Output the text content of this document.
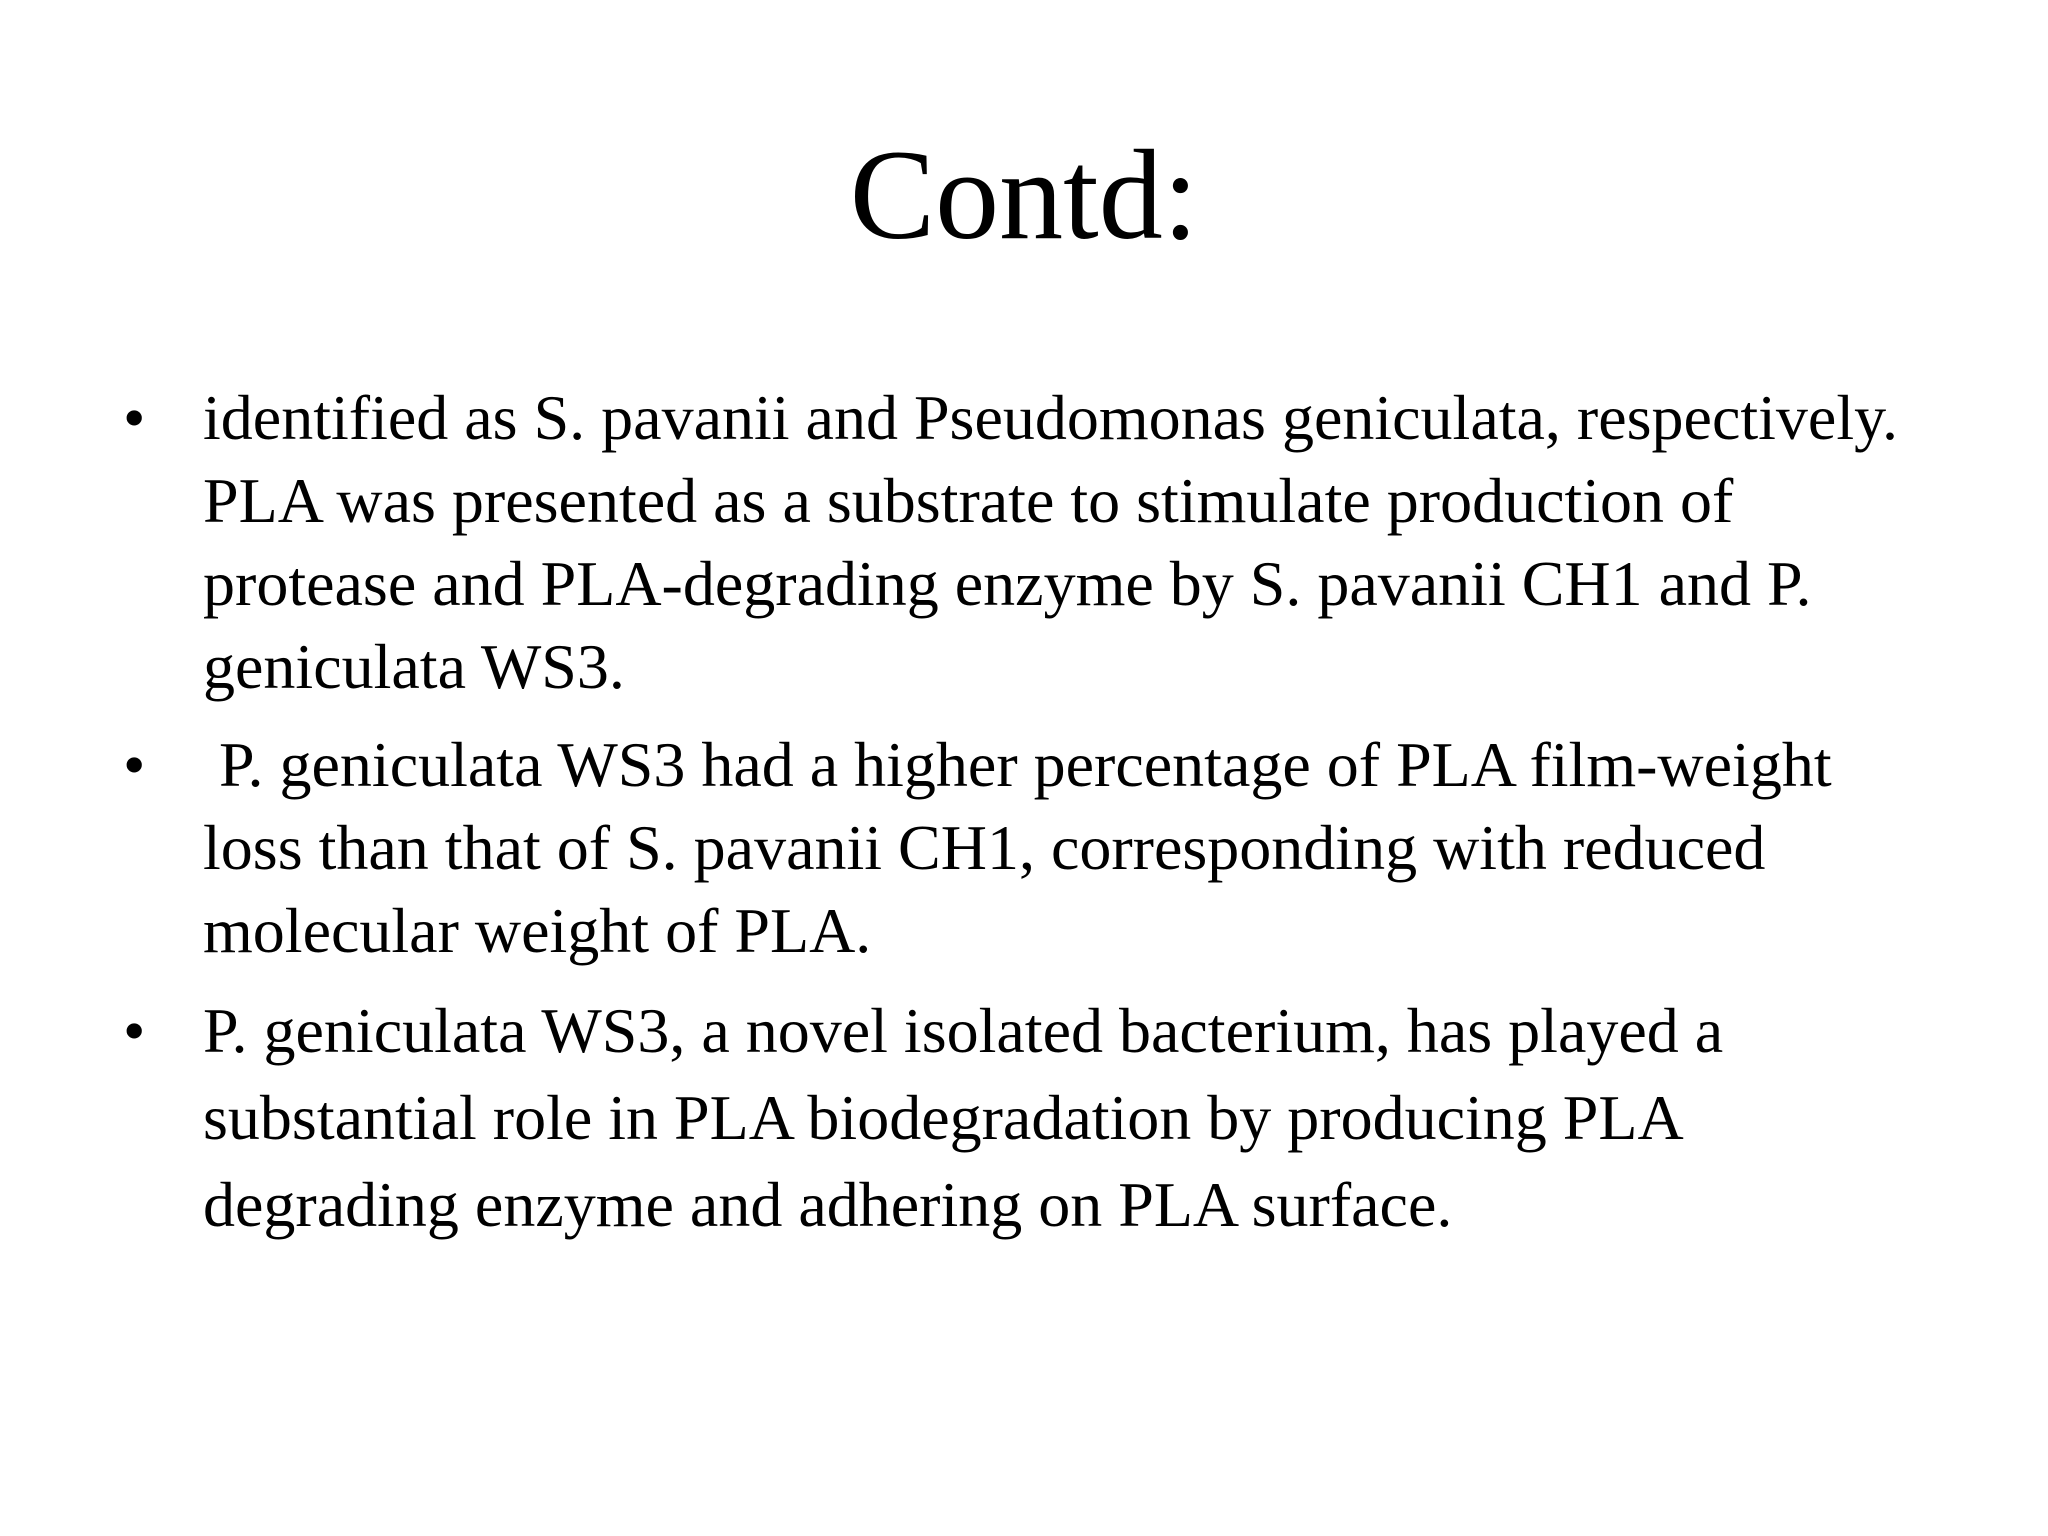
Contd:
• identified as S. pavanii and Pseudomonas geniculata, respectively. PLA was presented as a substrate to stimulate production of protease and PLA-degrading enzyme by S. pavanii CH1 and P. geniculata WS3.
• P. geniculata WS3 had a higher percentage of PLA film-weight loss than that of S. pavanii CH1, corresponding with reduced molecular weight of PLA.
• P. geniculata WS3, a novel isolated bacterium, has played a substantial role in PLA biodegradation by producing PLA degrading enzyme and adhering on PLA surface.
